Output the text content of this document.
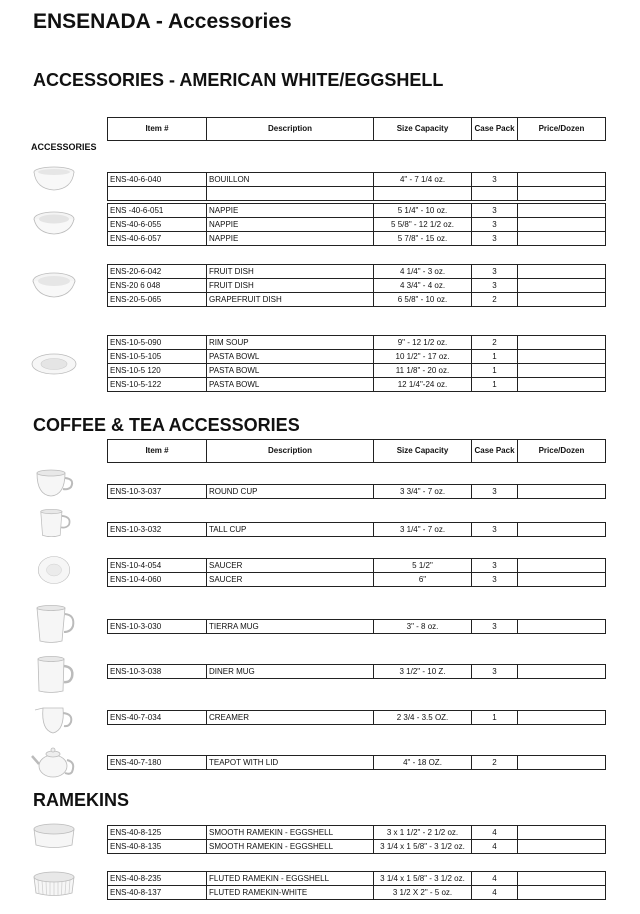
ENSENADA - Accessories
ACCESSORIES - AMERICAN WHITE/EGGSHELL
ACCESSORIES
COFFEE & TEA ACCESSORIES
RAMEKINS
Item #	Description	Size Capacity	Case Pack	Price/Dozen
Item #	Description	Size Capacity	Case Pack	Price/Dozen
ENS-40-6-040	BOUILLON	4" - 7 1/4 oz.	3	

ENS -40-6-051	NAPPIE	5 1/4" - 10 oz.	3	
ENS-40-6-055	NAPPIE	5 5/8" - 12 1/2 oz.	3	
ENS-40-6-057	NAPPIE	5 7/8" - 15 oz.	3	
ENS-20-6-042	FRUIT DISH	4 1/4" - 3 oz.	3	
ENS-20 6 048	FRUIT DISH	4 3/4" - 4 oz.	3	
ENS-20-5-065	GRAPEFRUIT DISH	6 5/8" - 10 oz.	2	
ENS-10-5-090	RIM SOUP	9" - 12 1/2 oz.	2	
ENS-10-5-105	PASTA BOWL	10 1/2" - 17 oz.	1	
ENS-10-5 120	PASTA BOWL	11 1/8" - 20 oz.	1	
ENS-10-5-122	PASTA BOWL	12 1/4"-24 oz.	1	
ENS-10-3-037	ROUND CUP	3 3/4" - 7 oz.	3	
ENS-10-3-032	TALL CUP	3 1/4" - 7 oz.	3	
ENS-10-4-054	SAUCER	5 1/2"	3	
ENS-10-4-060	SAUCER	6"	3	
ENS-10-3-030	TIERRA MUG	3" - 8 oz.	3	
ENS-10-3-038	DINER MUG	3 1/2" - 10 Z.	3	
ENS-40-7-034	CREAMER	2 3/4 - 3.5 OZ.	1	
ENS-40-7-180	TEAPOT WITH LID	4" - 18 OZ.	2	
ENS-40-8-125	SMOOTH RAMEKIN - EGGSHELL	3 x 1 1/2" - 2 1/2 oz.	4	
ENS-40-8-135	SMOOTH RAMEKIN - EGGSHELL	3 1/4 x 1 5/8" - 3 1/2 oz.	4	
ENS-40-8-235	FLUTED RAMEKIN - EGGSHELL	3 1/4 x 1 5/8" - 3 1/2 oz.	4	
ENS-40-8-137	FLUTED RAMEKIN-WHITE	3 1/2 X 2" - 5 oz.	4	
